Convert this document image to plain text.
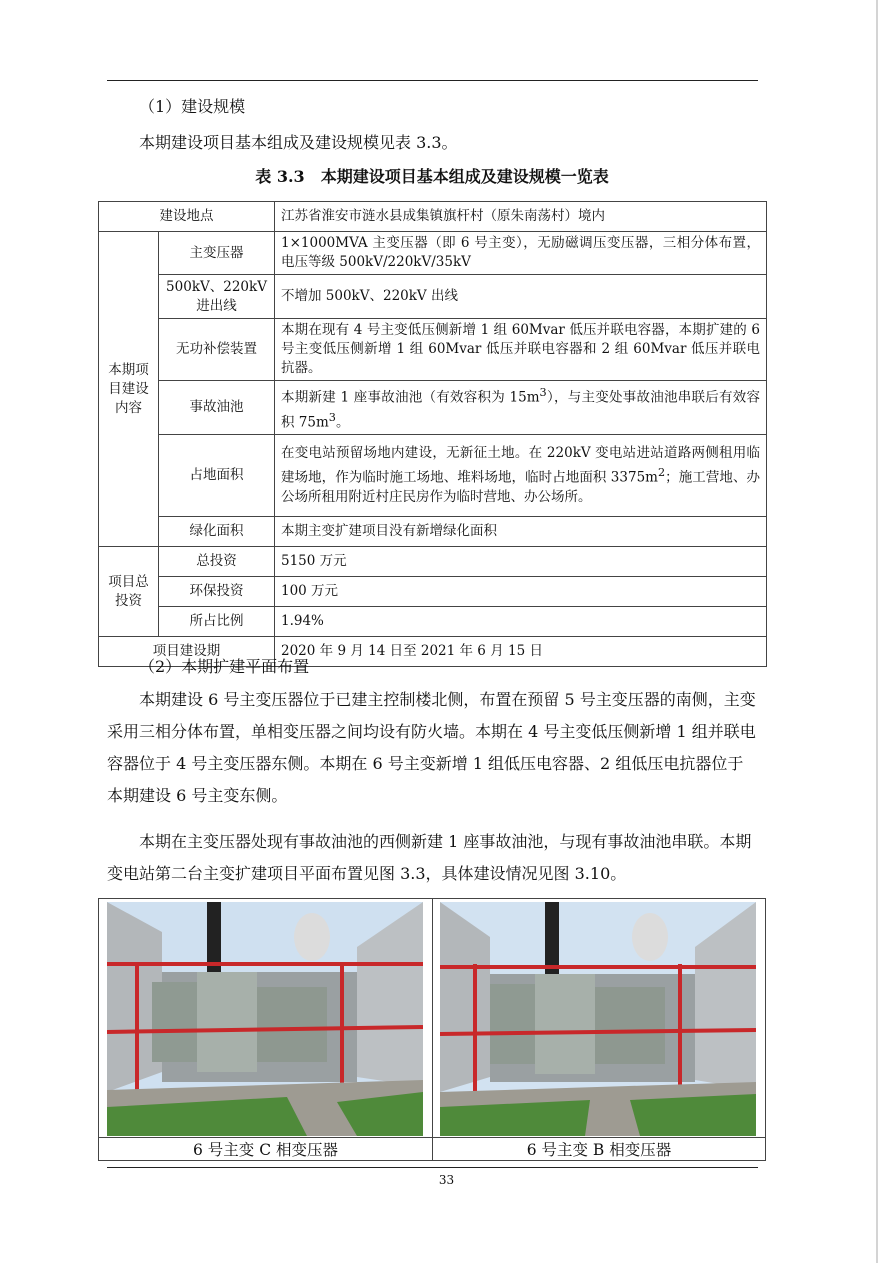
（1）建设规模

本期建设项目基本组成及建设规模见表 3.3。

表 3.3　本期建设项目基本组成及建设规模一览表
建设地点		江苏省淮安市涟水县成集镇旗杆村（原朱南荡村）境内
本期项目建设内容	主变压器	1×1000MVA 主变压器（即 6 号主变），无励磁调压变压器，三相分体布置，电压等级 500kV/220kV/35kV
	500kV、220kV 进出线	不增加 500kV、220kV 出线
	无功补偿装置	本期在现有 4 号主变低压侧新增 1 组 60Mvar 低压并联电容器，本期扩建的 6 号主变低压侧新增 1 组 60Mvar 低压并联电容器和 2 组 60Mvar 低压并联电抗器。
	事故油池	本期新建 1 座事故油池（有效容积为 $15m^3$），与主变处事故油池串联后有效容积 $75m^3$。
	占地面积	在变电站预留场地内建设，无新征土地。在 220kV 变电站进站道路两侧租用临建场地，作为临时施工场地、堆料场地，临时占地面积 $3375m^2$；施工营地、办公场所租用附近村庄民房作为临时营地、办公场所。
	绿化面积	本期主变扩建项目没有新增绿化面积
项目总投资	总投资	5150 万元
	环保投资	100 万元
	所占比例	1.94%
项目建设期		2020 年 9 月 14 日至 2021 年 6 月 15 日

（2）本期扩建平面布置

本期建设 6 号主变压器位于已建主控制楼北侧，布置在预留 5 号主变压器的南侧，主变采用三相分体布置，单相变压器之间均设有防火墙。本期在 4 号主变低压侧新增 1 组并联电容器位于 4 号主变压器东侧。本期在 6 号主变新增 1 组低压电容器、2 组低压电抗器位于本期建设 6 号主变东侧。

本期在主变压器处现有事故油池的西侧新建 1 座事故油池，与现有事故油池串联。本期变电站第二台主变扩建项目平面布置见图 3.3，具体建设情况见图 3.10。

6 号主变 C 相变压器	6 号主变 B 相变压器
33
